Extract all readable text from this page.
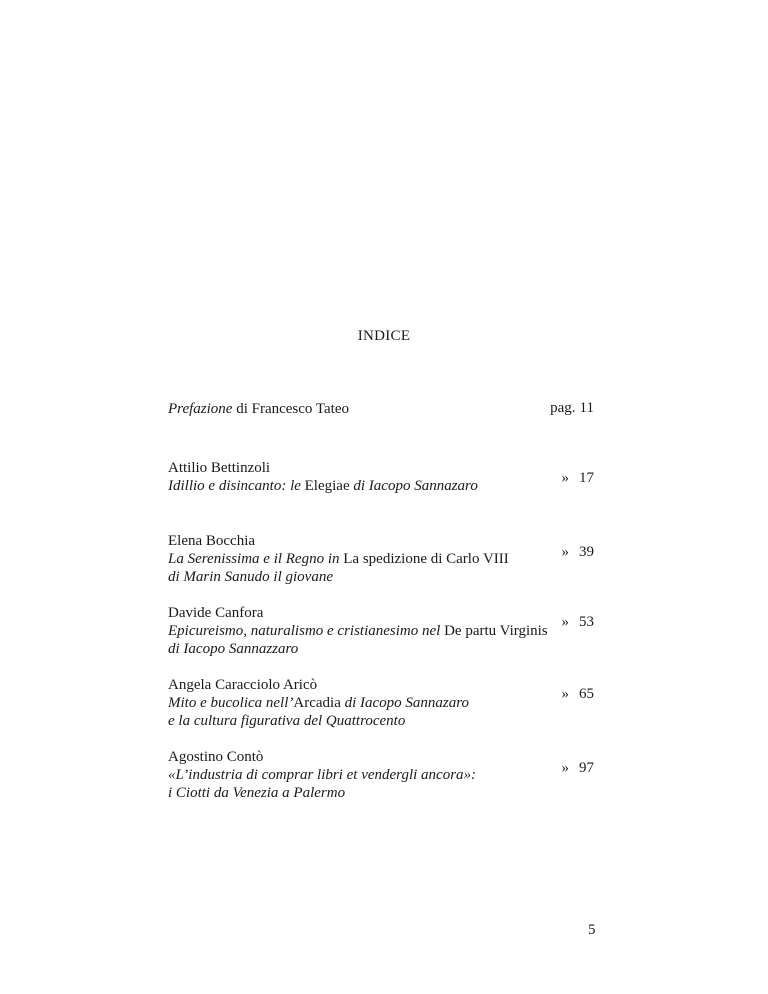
INDICE
5
Prefazione di Francesco Tateo	pag. 11
Attilio Bettinzoli
Idillio e disincanto: le Elegiae di Iacopo Sannazaro	» 17
Elena Bocchia
La Serenissima e il Regno in La spedizione di Carlo VIII
di Marin Sanudo il giovane
» 39
Davide Canfora
Epicureismo, naturalismo e cristianesimo nel De partu Virginis
di Iacopo Sannazzaro
» 53
Angela Caracciolo Aricò
Mito e bucolica nell’Arcadia di Iacopo Sannazaro
e la cultura figurativa del Quattrocento
» 65
Agostino Contò
«L’industria di comprar libri et vendergli ancora»:
i Ciotti da Venezia a Palermo
» 97
